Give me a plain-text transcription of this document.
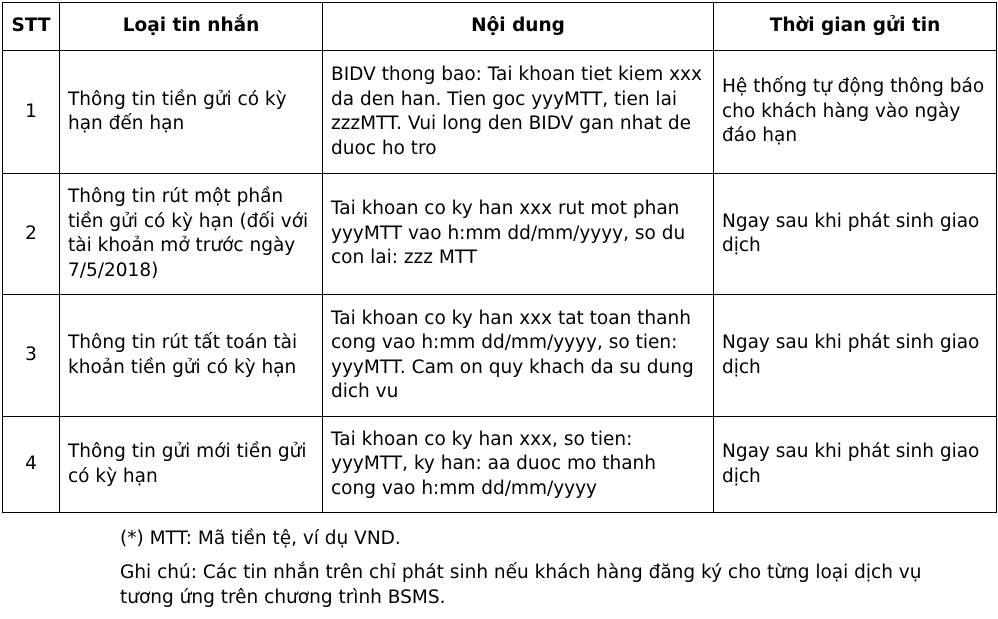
STT	Loại tin nhắn	Nội dung	Thời gian gửi tin
1	Thông tin tiền gửi có kỳ hạn đến hạn	BIDV thong bao: Tai khoan tiet kiem xxx da den han. Tien goc yyyMTT, tien lai zzzMTT. Vui long den BIDV gan nhat de duoc ho tro	Hệ thống tự động thông báo cho khách hàng vào ngày đáo hạn
2	Thông tin rút một phần tiền gửi có kỳ hạn (đối với tài khoản mở trước ngày 7/5/2018)	Tai khoan co ky han xxx rut mot phan yyyMTT vao h:mm dd/mm/yyyy, so du con lai: zzz MTT	Ngay sau khi phát sinh giao dịch
3	Thông tin rút tất toán tài khoản tiền gửi có kỳ hạn	Tai khoan co ky han xxx tat toan thanh cong vao h:mm dd/mm/yyyy, so tien: yyyMTT. Cam on quy khach da su dung dich vu	Ngay sau khi phát sinh giao dịch
4	Thông tin gửi mới tiền gửi có kỳ hạn	Tai khoan co ky han xxx, so tien: yyyMTT, ky han: aa duoc mo thanh cong vao h:mm dd/mm/yyyy	Ngay sau khi phát sinh giao dịch

(*) MTT: Mã tiền tệ, ví dụ VND.

Ghi chú: Các tin nhắn trên chỉ phát sinh nếu khách hàng đăng ký cho từng loại dịch vụ tương ứng trên chương trình BSMS.
